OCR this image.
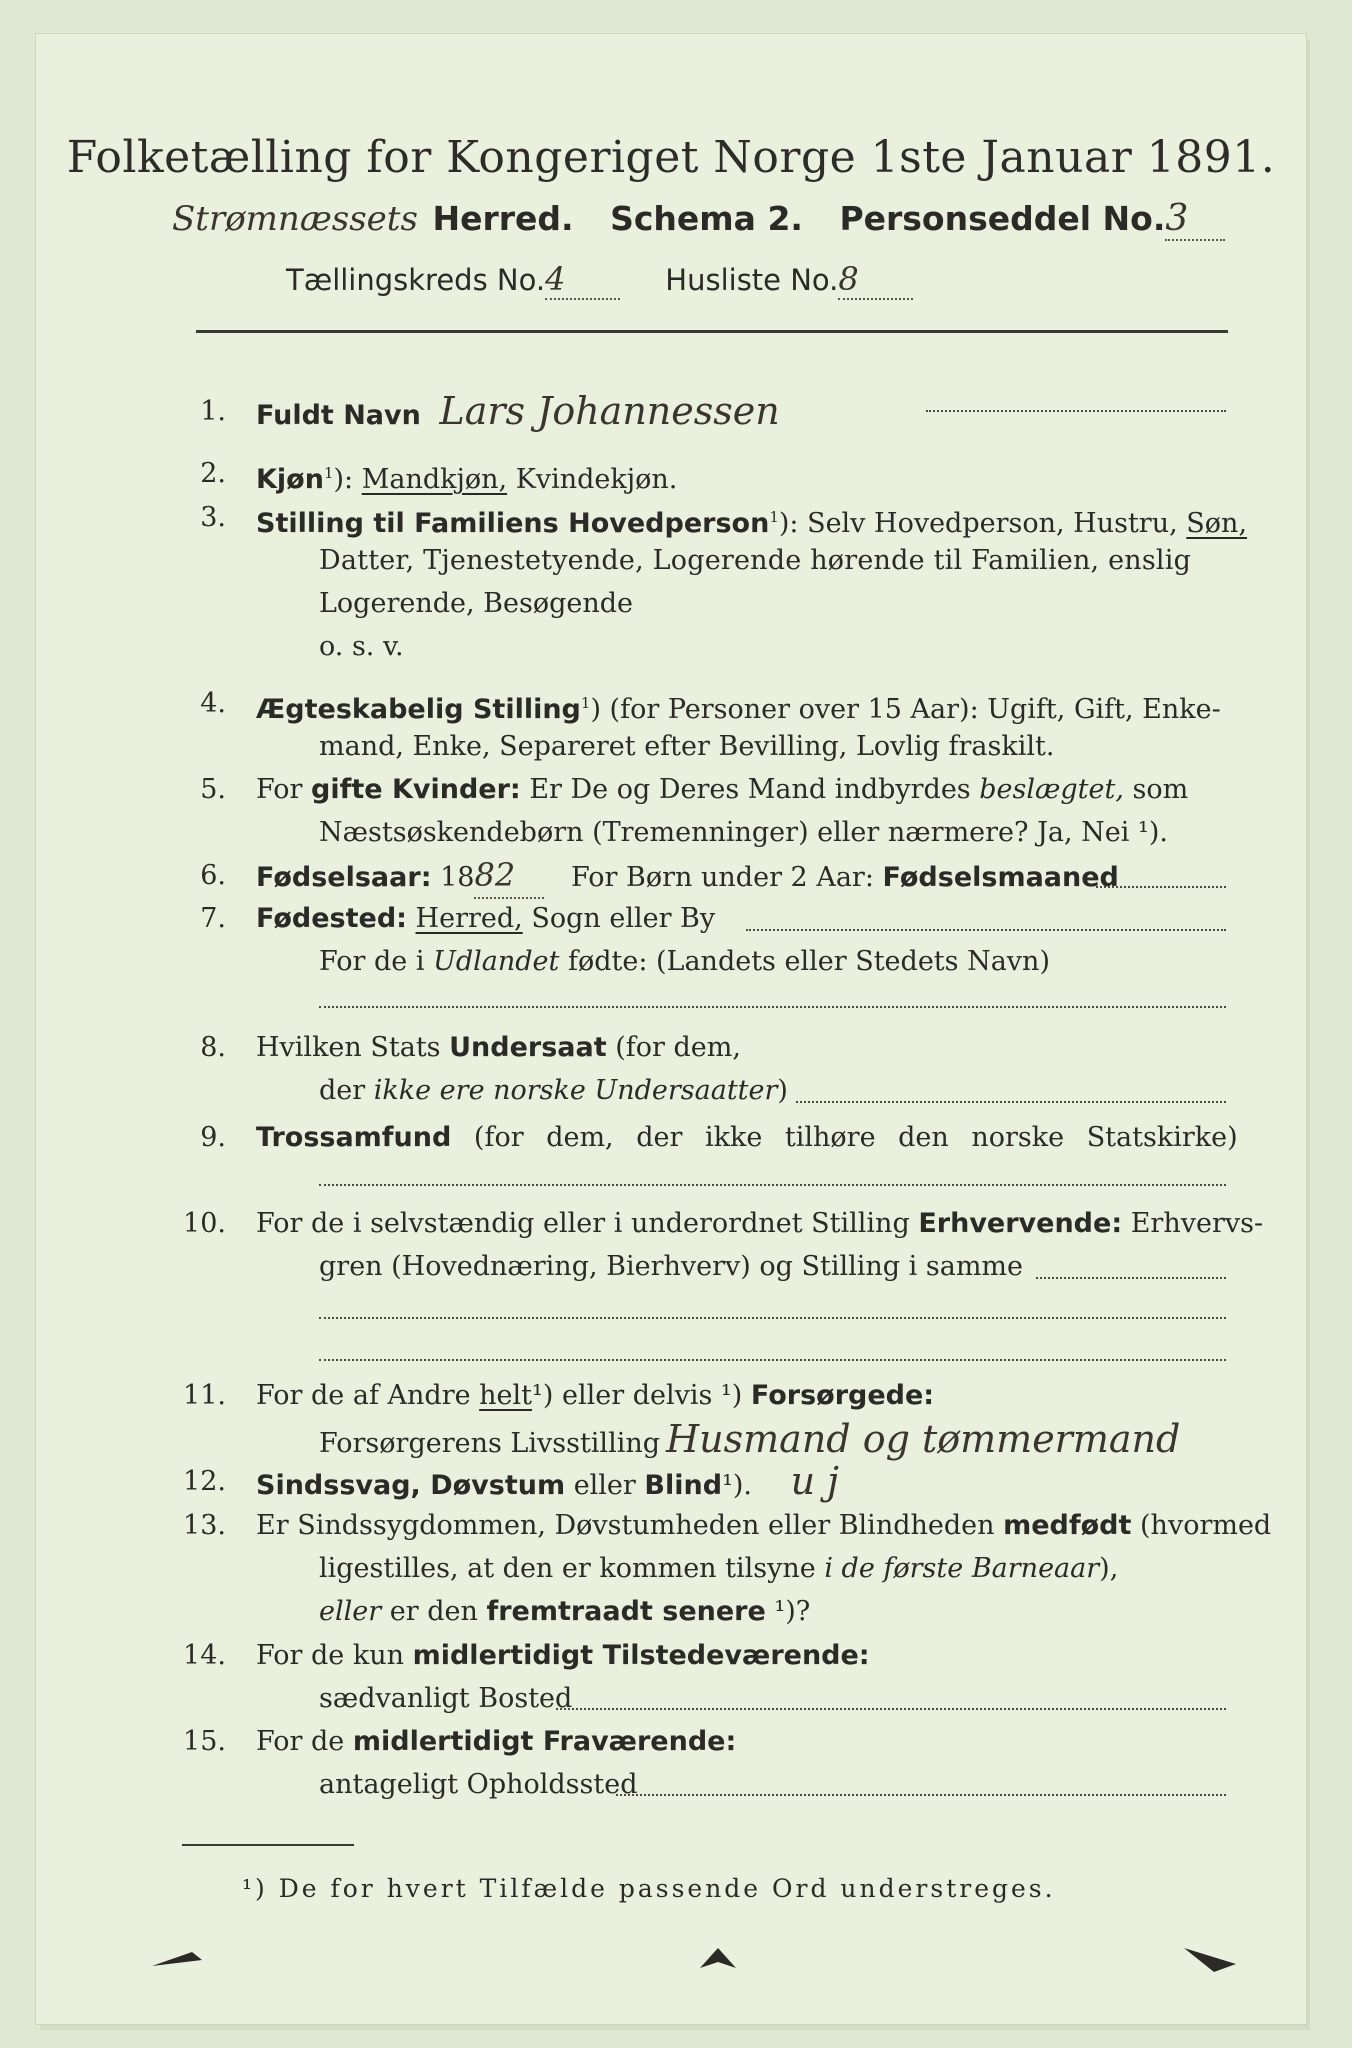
Folketælling for Kongeriget Norge 1ste Januar 1891.
Strømnæssets Herred. Schema 2. Personseddel No.3
Tællingskreds No.4	Husliste No.8
1. Fuldt Navn Lars Johannessen
2. Kjøn$^1$): Mandkjøn, Kvindekjøn.
3. Stilling til Familiens Hovedperson$^1$): Selv Hovedperson, Hustru, Søn,
Datter, Tjenestetyende, Logerende hørende til Familien, enslig
Logerende, Besøgende
o. s. v.
4. Ægteskabelig Stilling$^1$) (for Personer over 15 Aar): Ugift, Gift, Enke-
mand, Enke, Separeret efter Bevilling, Lovlig fraskilt.
5. For gifte Kvinder: Er De og Deres Mand indbyrdes beslægtet, som
Næstsøskendebørn (Tremenninger) eller nærmere? Ja, Nei ¹).
6. Fødselsaar: 1882 For Børn under 2 Aar: Fødselsmaaned
7. Fødested: Herred, Sogn eller By
For de i Udlandet fødte: (Landets eller Stedets Navn)
8. Hvilken Stats Undersaat (for dem,
der ikke ere norske Undersaatter)
9. Trossamfund (for dem, der ikke tilhøre den norske Statskirke)
10. For de i selvstændig eller i underordnet Stilling Erhvervende: Erhvervs-
gren (Hovednæring, Bierhverv) og Stilling i samme
11. For de af Andre helt¹) eller delvis ¹) Forsørgede:
Forsørgerens Livsstilling Husmand og tømmermand
12. Sindssvag, Døvstum eller Blind¹). u j
13. Er Sindssygdommen, Døvstumheden eller Blindheden medfødt (hvormed
ligestilles, at den er kommen tilsyne i de første Barneaar),
eller er den fremtraadt senere ¹)?
14. For de kun midlertidigt Tilstedeværende:
sædvanligt Bosted
15. For de midlertidigt Fraværende:
antageligt Opholdssted
¹) De for hvert Tilfælde passende Ord understreges.
